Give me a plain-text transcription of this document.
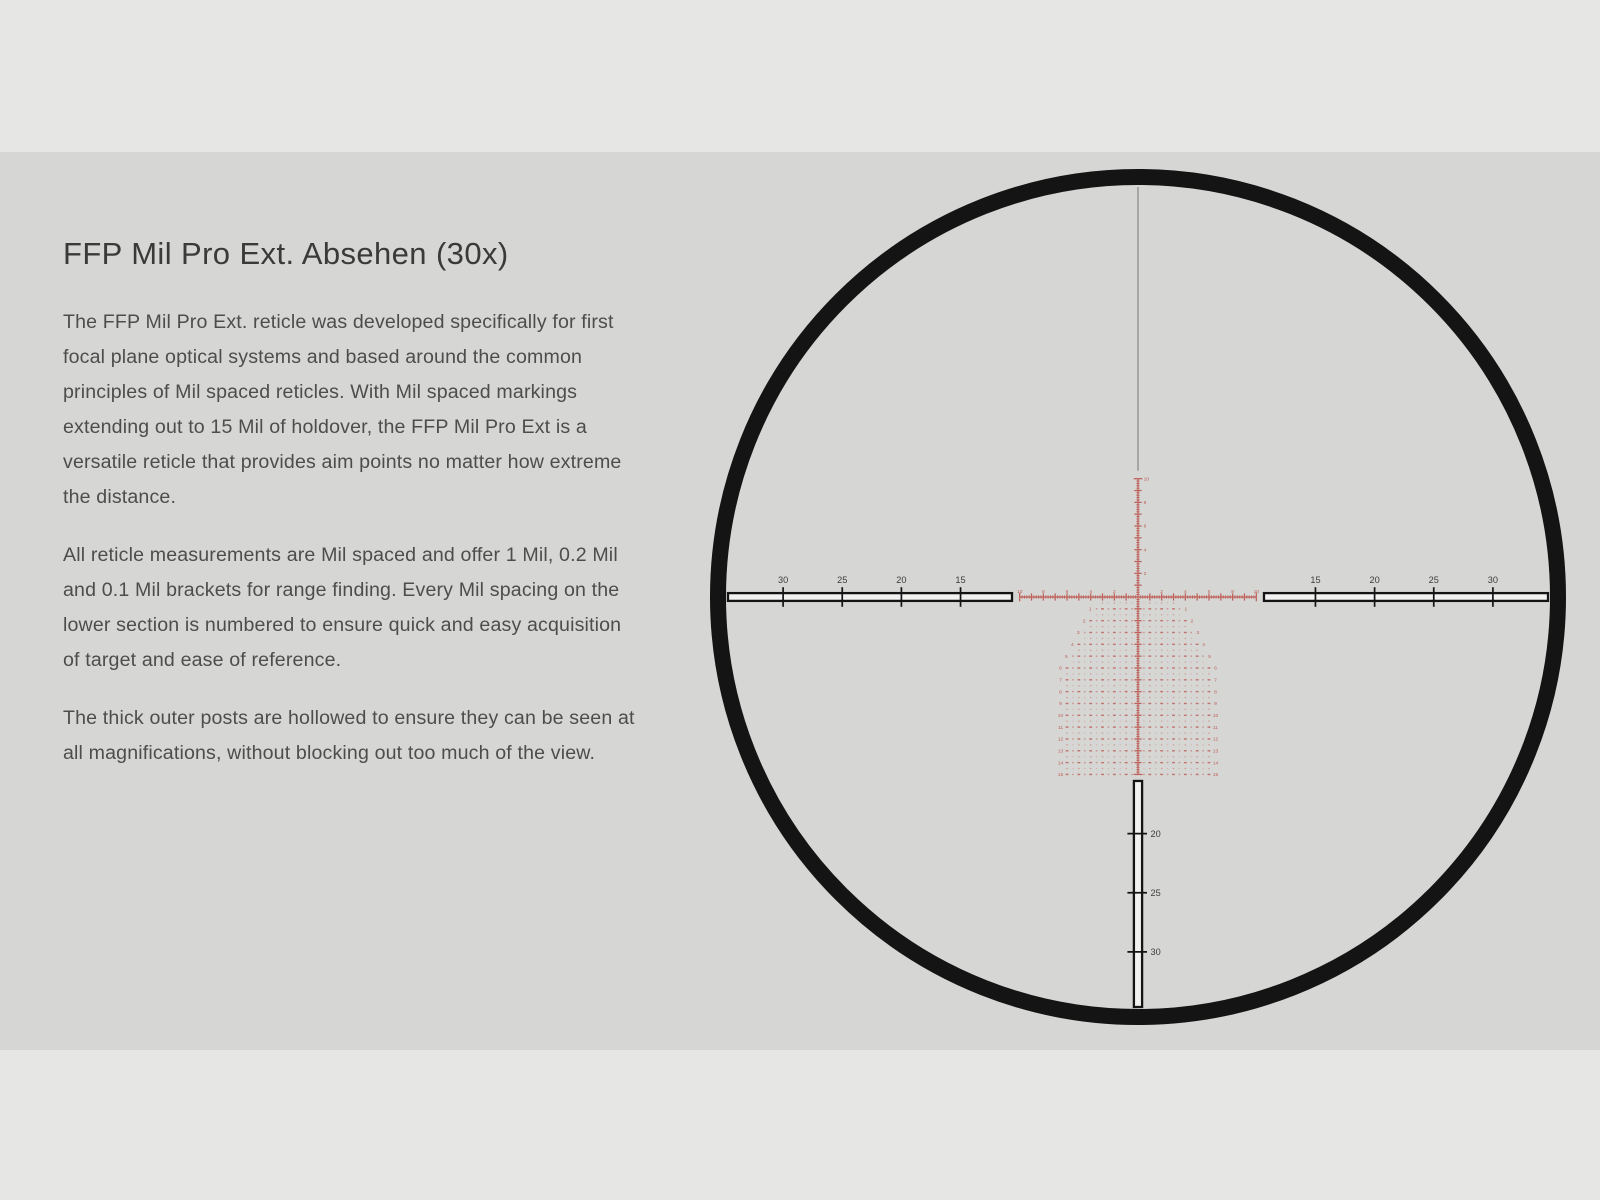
30	25	20	15	15	20	25	30
20
25
30
2
4
6
8
10	2	4	6	8	10
2
4
6
8
10
1	1
2	2
3	3
4	4
5	5
6	6
7	7
8	8
9	9
10	10
11	11
12	12
13	13
14	14
15	15
FFP Mil Pro Ext. Absehen (30x)

The FFP Mil Pro Ext. reticle was developed specifically for first focal plane optical systems and based around the common principles of Mil spaced reticles. With Mil spaced markings extending out to 15 Mil of holdover, the FFP Mil Pro Ext is a versatile reticle that provides aim points no matter how extreme the distance.

All reticle measurements are Mil spaced and offer 1 Mil, 0.2 Mil and 0.1 Mil brackets for range finding. Every Mil spacing on the lower section is numbered to ensure quick and easy acquisition of target and ease of reference.

The thick outer posts are hollowed to ensure they can be seen at all magnifications, without blocking out too much of the view.
